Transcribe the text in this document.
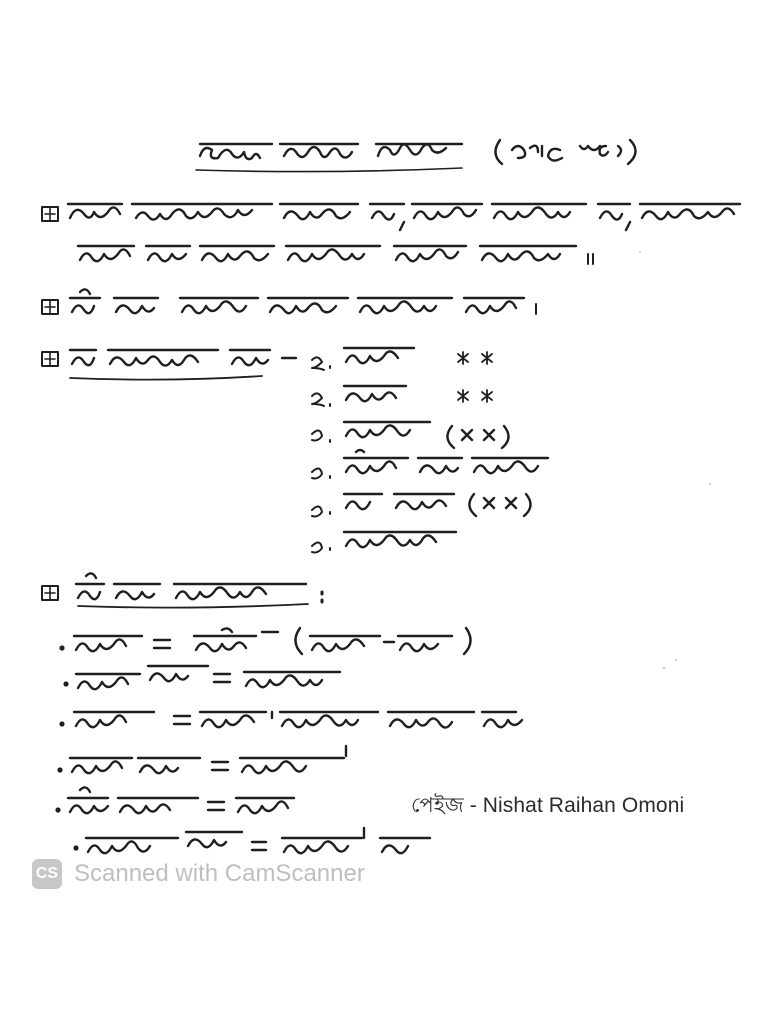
পেইজ - Nishat Raihan Omoni
CS Scanned with CamScanner
